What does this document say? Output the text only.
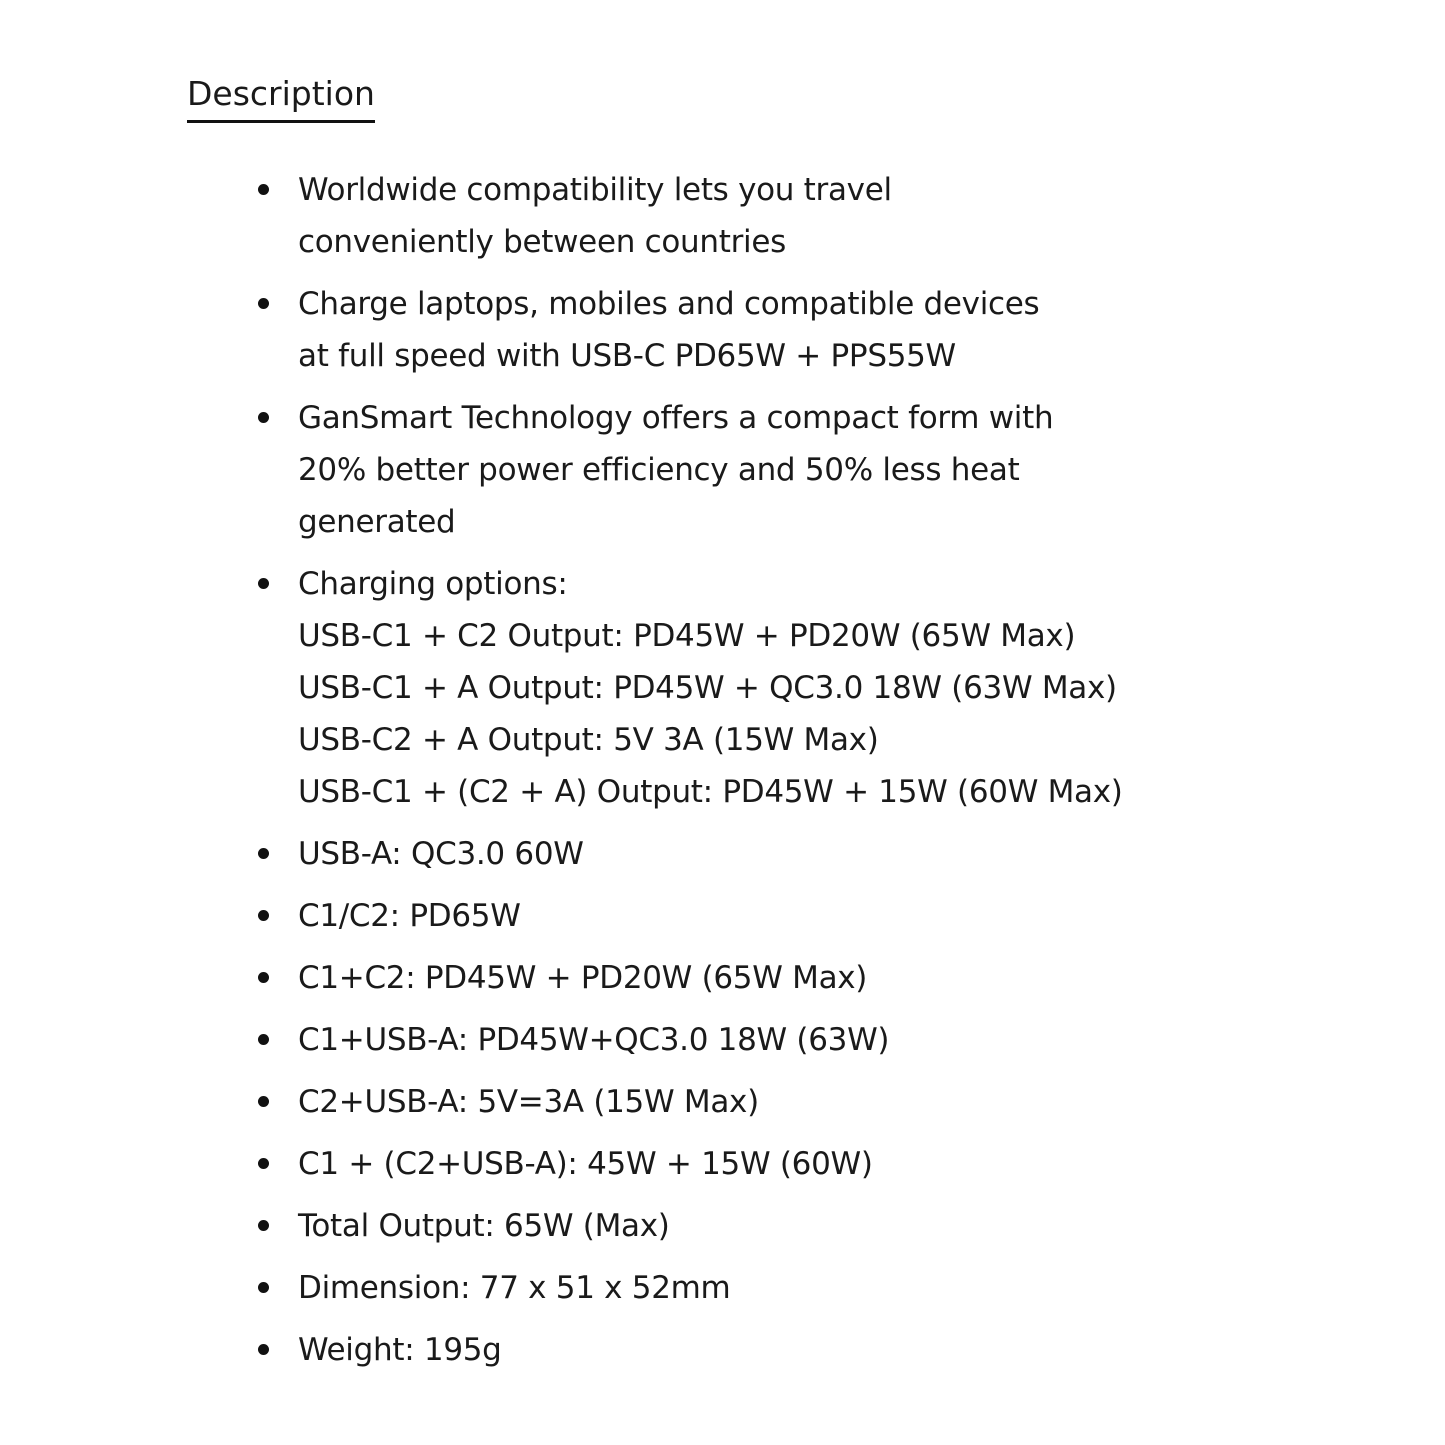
Description
Worldwide compatibility lets you travel
conveniently between countries
Charge laptops, mobiles and compatible devices
at full speed with USB-C PD65W + PPS55W
GanSmart Technology offers a compact form with
20% better power efficiency and 50% less heat
generated
Charging options:
USB-C1 + C2 Output: PD45W + PD20W (65W Max)
USB-C1 + A Output: PD45W + QC3.0 18W (63W Max)
USB-C2 + A Output: 5V 3A (15W Max)
USB-C1 + (C2 + A) Output: PD45W + 15W (60W Max)
USB-A: QC3.0 60W
C1/C2: PD65W
C1+C2: PD45W + PD20W (65W Max)
C1+USB-A: PD45W+QC3.0 18W (63W)
C2+USB-A: 5V=3A (15W Max)
C1 + (C2+USB-A): 45W + 15W (60W)
Total Output: 65W (Max)
Dimension: 77 x 51 x 52mm
Weight: 195g
